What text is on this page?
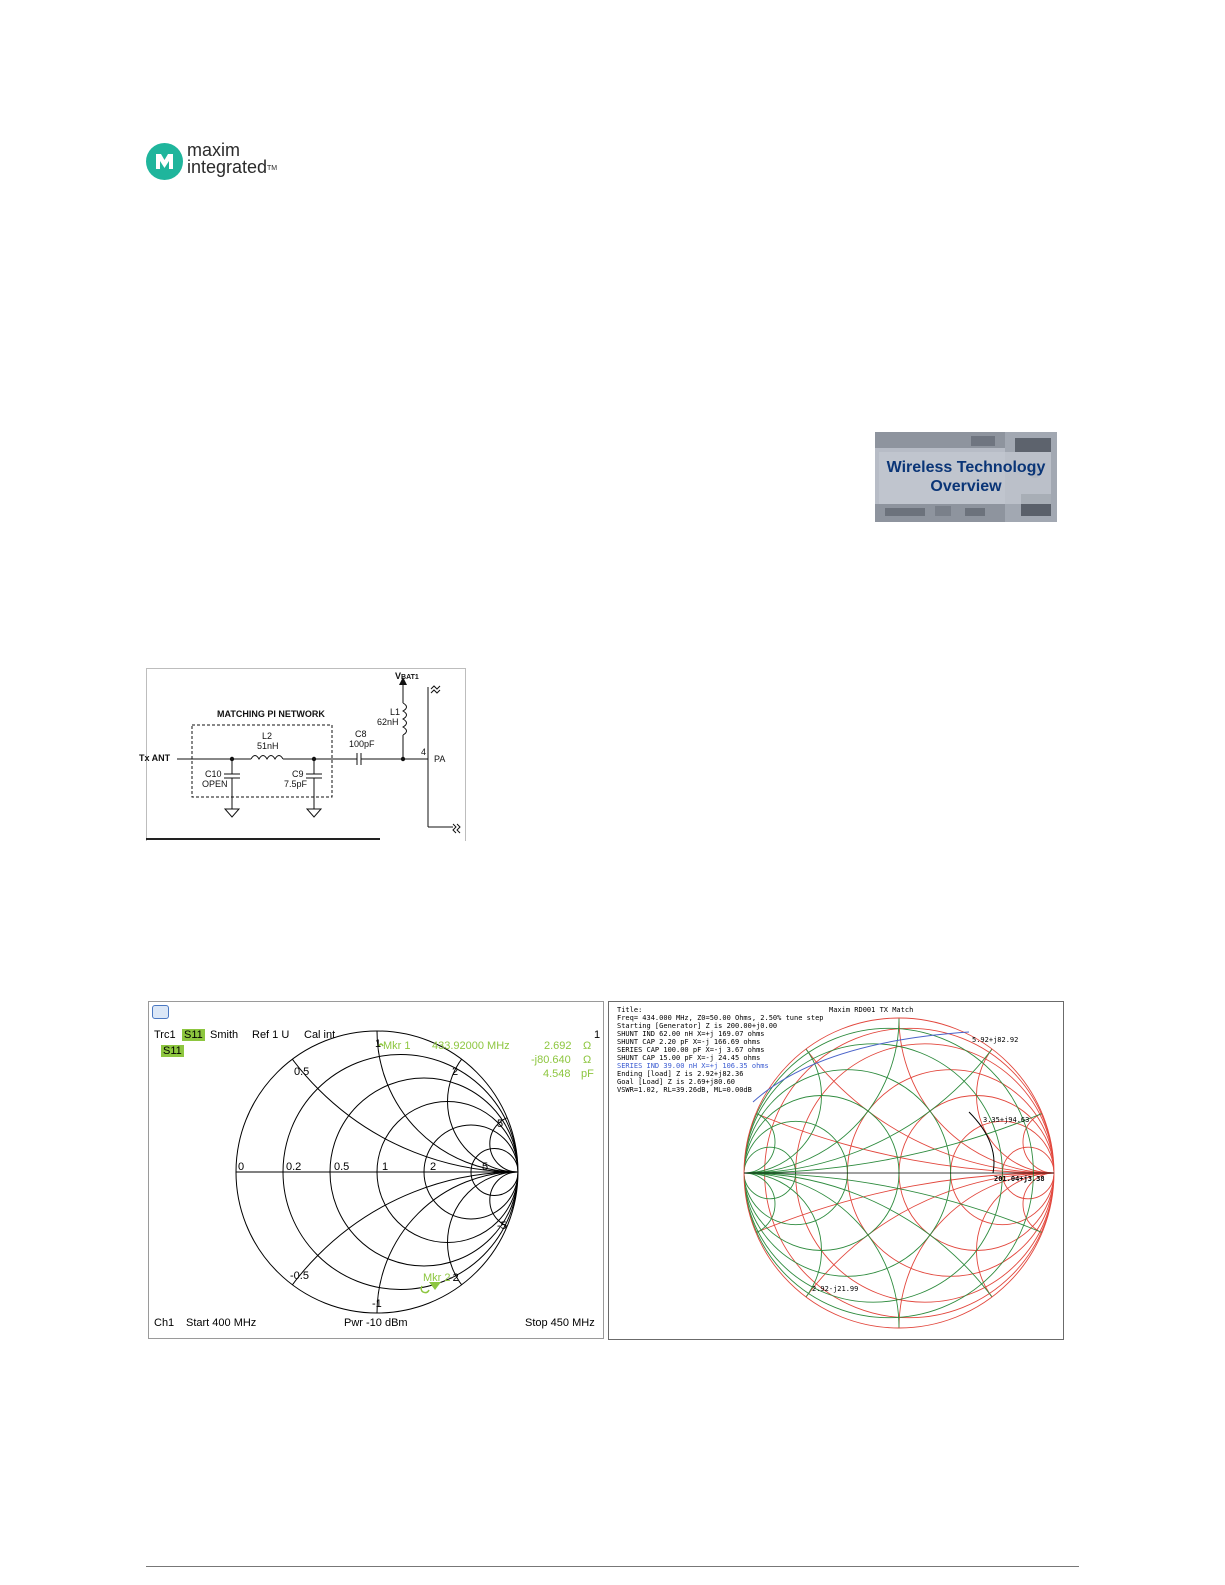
maxim
integrated TM
Wireless Technology
Overview
Tx ANT
MATCHING PI NETWORK
L2
51nH
C10
OPEN
C9
7.5pF
C8
100pF
L1
62nH
VBAT1
4
PA
Trc1 S11 Smith Ref 1 U Cal int	1
S11	Mkr 1 433.92000 MHz	2.692 Ω
-j80.640 Ω
4.548 pF
Mkr 2
0	0.2	0.5	1	2	5
0.5
1
2
5
-0.5
-1
-2
-5
Ch1 Start 400 MHz	Pwr -10 dBm	Stop 450 MHz
Maxim RD001 TX Match
Title:
Freq= 434.000 MHz, Z0=50.00 Ohms, 2.50% tune step
Starting [Generator] Z is 200.00+j0.00
SHUNT IND 62.00 nH X=+j 169.07 ohms
SHUNT CAP 2.20 pF X=-j 166.69 ohms
SERIES CAP 100.00 pF X=-j 3.67 ohms
SHUNT CAP 15.00 pF X=-j 24.45 ohms
SERIES IND 39.00 nH X=+j 106.35 ohms
Ending [load] Z is 2.92+j82.36
Goal [Load] Z is 2.69+j80.60
VSWR=1.02, RL=39.26dB, ML=0.00dB
5.92+j82.92
3.35+j94.63
201.04+j3.38
2.92-j21.99
